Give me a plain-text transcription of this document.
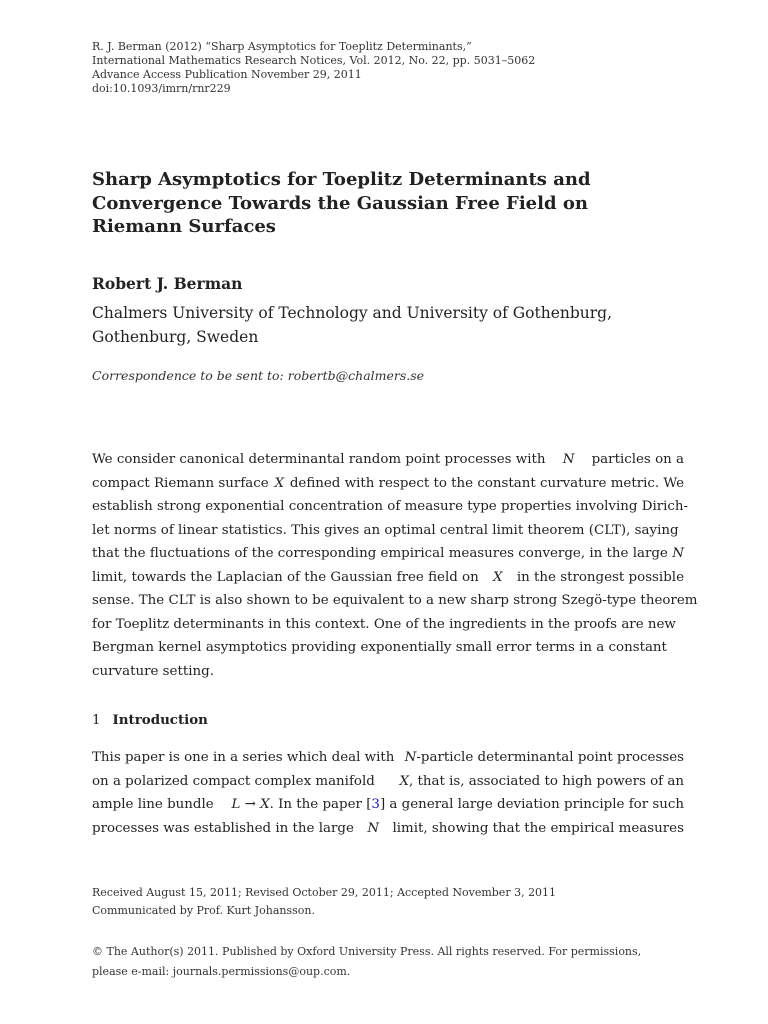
R. J. Berman (2012) “Sharp Asymptotics for Toeplitz Determinants,”
International Mathematics Research Notices, Vol. 2012, No. 22, pp. 5031–5062
Advance Access Publication November 29, 2011
doi:10.1093/imrn/rnr229
Sharp Asymptotics for Toeplitz Determinants and
Convergence Towards the Gaussian Free Field on
Riemann Surfaces
Robert J. Berman
Chalmers University of Technology and University of Gothenburg,
Gothenburg, Sweden
Correspondence to be sent to: robertb@chalmers.se
We consider canonical determinantal random point processes with N particles on a
compact Riemann surface X defined with respect to the constant curvature metric. We
establish strong exponential concentration of measure type properties involving Dirich-
let norms of linear statistics. This gives an optimal central limit theorem (CLT), saying
that the fluctuations of the corresponding empirical measures converge, in the large N
limit, towards the Laplacian of the Gaussian free field on X in the strongest possible
sense. The CLT is also shown to be equivalent to a new sharp strong Szegö-type theorem
for Toeplitz determinants in this context. One of the ingredients in the proofs are new
Bergman kernel asymptotics providing exponentially small error terms in a constant
curvature setting.
1 Introduction
This paper is one in a series which deal with N-particle determinantal point processes
on a polarized compact complex manifold X, that is, associated to high powers of an
ample line bundle L → X. In the paper [3] a general large deviation principle for such
processes was established in the large N limit, showing that the empirical measures
Received August 15, 2011; Revised October 29, 2011; Accepted November 3, 2011
Communicated by Prof. Kurt Johansson.
© The Author(s) 2011. Published by Oxford University Press. All rights reserved. For permissions,
please e-mail: journals.permissions@oup.com.
